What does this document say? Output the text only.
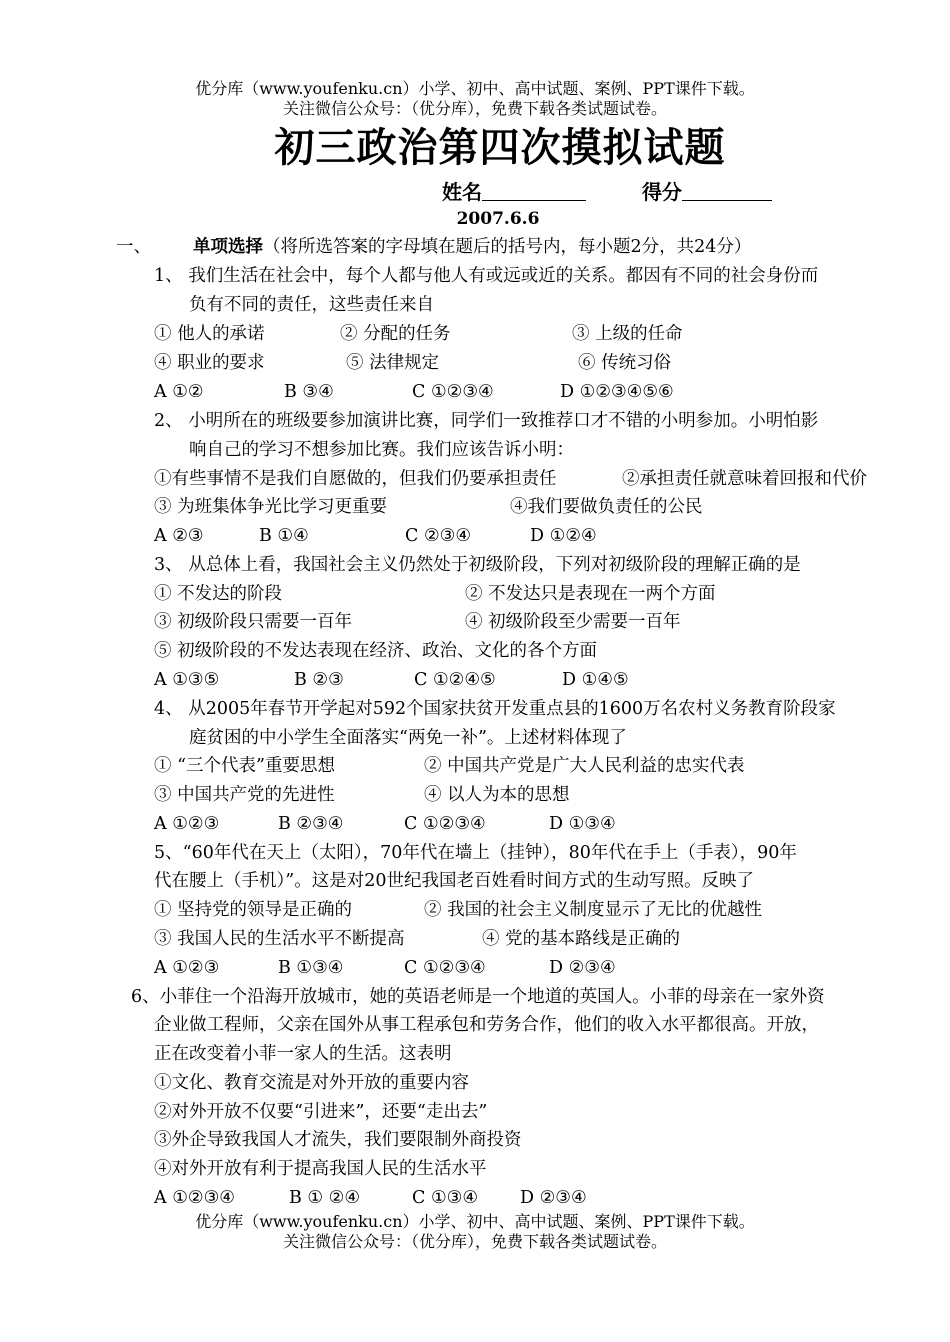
优分库（www.youfenku.cn）小学、初中、高中试题、案例、PPT课件下载。
关注微信公众号：（优分库），免费下载各类试题试卷。
初三政治第四次摸拟试题
姓名	得分
2007.6.6
一、 单项选择（将所选答案的字母填在题后的括号内，每小题2分，共24分）
1、 我们生活在社会中，每个人都与他人有或远或近的关系。都因有不同的社会身份而
负有不同的责任，这些责任来自
① 他人的承诺	② 分配的任务	③ 上级的任命
④ 职业的要求	⑤ 法律规定	⑥ 传统习俗
A ①②	B ③④	C ①②③④	D ①②③④⑤⑥
2、 小明所在的班级要参加演讲比赛，同学们一致推荐口才不错的小明参加。小明怕影
响自己的学习不想参加比赛。我们应该告诉小明：
①有些事情不是我们自愿做的，但我们仍要承担责任	②承担责任就意味着回报和代价
③ 为班集体争光比学习更重要	④我们要做负责任的公民
A ②③	B ①④	C ②③④	D ①②④
3、 从总体上看，我国社会主义仍然处于初级阶段，下列对初级阶段的理解正确的是
① 不发达的阶段	② 不发达只是表现在一两个方面
③ 初级阶段只需要一百年	④ 初级阶段至少需要一百年
⑤ 初级阶段的不发达表现在经济、政治、文化的各个方面
A ①③⑤	B ②③	C ①②④⑤	D ①④⑤
4、 从2005年春节开学起对592个国家扶贫开发重点县的1600万名农村义务教育阶段家
庭贫困的中小学生全面落实“两免一补”。上述材料体现了
① “三个代表”重要思想	② 中国共产党是广大人民利益的忠实代表
③ 中国共产党的先进性	④ 以人为本的思想
A ①②③	B ②③④	C ①②③④	D ①③④
5、“60年代在天上（太阳），70年代在墙上（挂钟），80年代在手上（手表），90年
代在腰上（手机）”。这是对20世纪我国老百姓看时间方式的生动写照。反映了
① 坚持党的领导是正确的	② 我国的社会主义制度显示了无比的优越性
③ 我国人民的生活水平不断提高	④ 党的基本路线是正确的
A ①②③	B ①③④	C ①②③④	D ②③④
6、小菲住一个沿海开放城市，她的英语老师是一个地道的英国人。小菲的母亲在一家外资
企业做工程师，父亲在国外从事工程承包和劳务合作，他们的收入水平都很高。开放，
正在改变着小菲一家人的生活。这表明
①文化、教育交流是对外开放的重要内容
②对外开放不仅要“引进来”，还要“走出去”
③外企导致我国人才流失，我们要限制外商投资
④对外开放有利于提高我国人民的生活水平
A ①②③④	B ① ②④	C ①③④ D ②③④
优分库（www.youfenku.cn）小学、初中、高中试题、案例、PPT课件下载。
关注微信公众号：（优分库），免费下载各类试题试卷。
